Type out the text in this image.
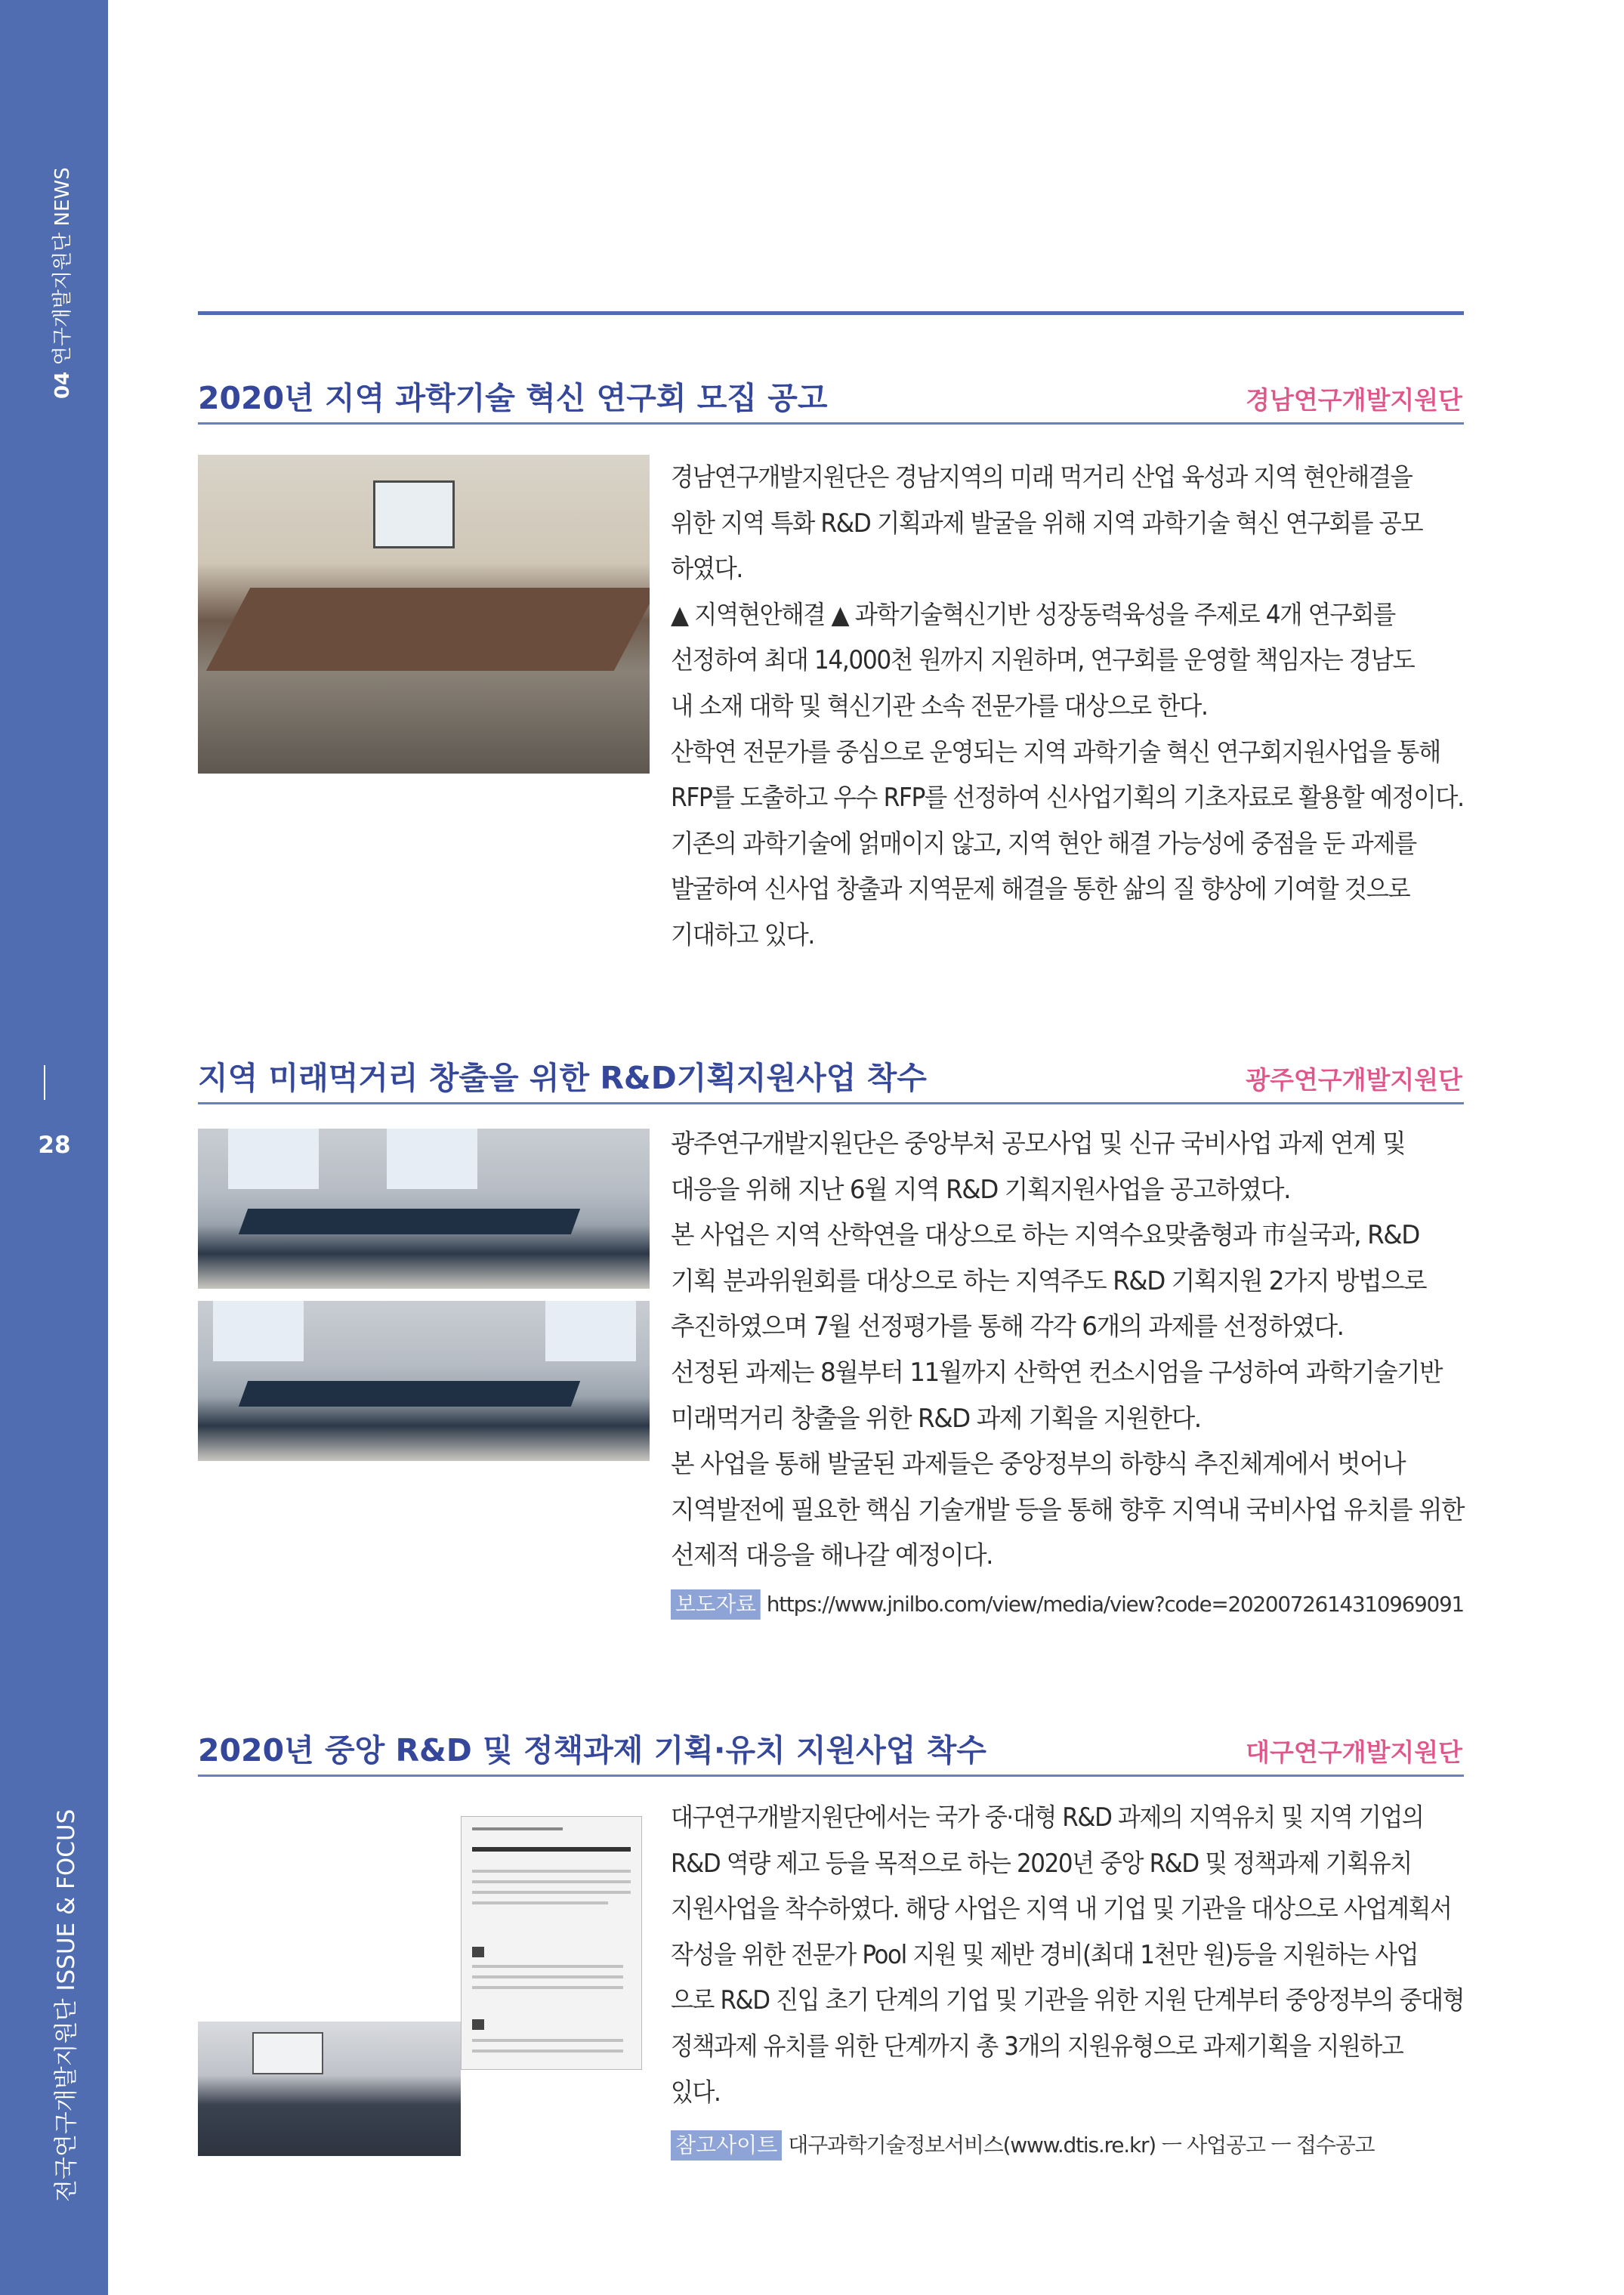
04 연구개발지원단 NEWS
28
전국연구개발지원단 ISSUE & FOCUS
2020년 지역 과학기술 혁신 연구회 모집 공고	경남연구개발지원단
경남연구개발지원단은 경남지역의 미래 먹거리 산업 육성과 지역 현안해결을
위한 지역 특화 R&D 기획과제 발굴을 위해 지역 과학기술 혁신 연구회를 공모
하였다.
▲ 지역현안해결 ▲ 과학기술혁신기반 성장동력육성을 주제로 4개 연구회를
선정하여 최대 14,000천 원까지 지원하며, 연구회를 운영할 책임자는 경남도
내 소재 대학 및 혁신기관 소속 전문가를 대상으로 한다.
산학연 전문가를 중심으로 운영되는 지역 과학기술 혁신 연구회지원사업을 통해
RFP를 도출하고 우수 RFP를 선정하여 신사업기획의 기초자료로 활용할 예정이다.
기존의 과학기술에 얽매이지 않고, 지역 현안 해결 가능성에 중점을 둔 과제를
발굴하여 신사업 창출과 지역문제 해결을 통한 삶의 질 향상에 기여할 것으로
기대하고 있다.
지역 미래먹거리 창출을 위한 R&D기획지원사업 착수	광주연구개발지원단
광주연구개발지원단은 중앙부처 공모사업 및 신규 국비사업 과제 연계 및
대응을 위해 지난 6월 지역 R&D 기획지원사업을 공고하였다.
본 사업은 지역 산학연을 대상으로 하는 지역수요맞춤형과 市실국과, R&D
기획 분과위원회를 대상으로 하는 지역주도 R&D 기획지원 2가지 방법으로
추진하였으며 7월 선정평가를 통해 각각 6개의 과제를 선정하였다.
선정된 과제는 8월부터 11월까지 산학연 컨소시엄을 구성하여 과학기술기반
미래먹거리 창출을 위한 R&D 과제 기획을 지원한다.
본 사업을 통해 발굴된 과제들은 중앙정부의 하향식 추진체계에서 벗어나
지역발전에 필요한 핵심 기술개발 등을 통해 향후 지역내 국비사업 유치를 위한
선제적 대응을 해나갈 예정이다.
보도자료 https://www.jnilbo.com/view/media/view?code=2020072614310969091
2020년 중앙 R&D 및 정책과제 기획·유치 지원사업 착수	대구연구개발지원단
대구연구개발지원단에서는 국가 중·대형 R&D 과제의 지역유치 및 지역 기업의
R&D 역량 제고 등을 목적으로 하는 2020년 중앙 R&D 및 정책과제 기획유치
지원사업을 착수하였다. 해당 사업은 지역 내 기업 및 기관을 대상으로 사업계획서
작성을 위한 전문가 Pool 지원 및 제반 경비(최대 1천만 원)등을 지원하는 사업
으로 R&D 진입 초기 단계의 기업 및 기관을 위한 지원 단계부터 중앙정부의 중대형
정책과제 유치를 위한 단계까지 총 3개의 지원유형으로 과제기획을 지원하고
있다.
참고사이트 대구과학기술정보서비스(www.dtis.re.kr) ㅡ 사업공고 ㅡ 접수공고
